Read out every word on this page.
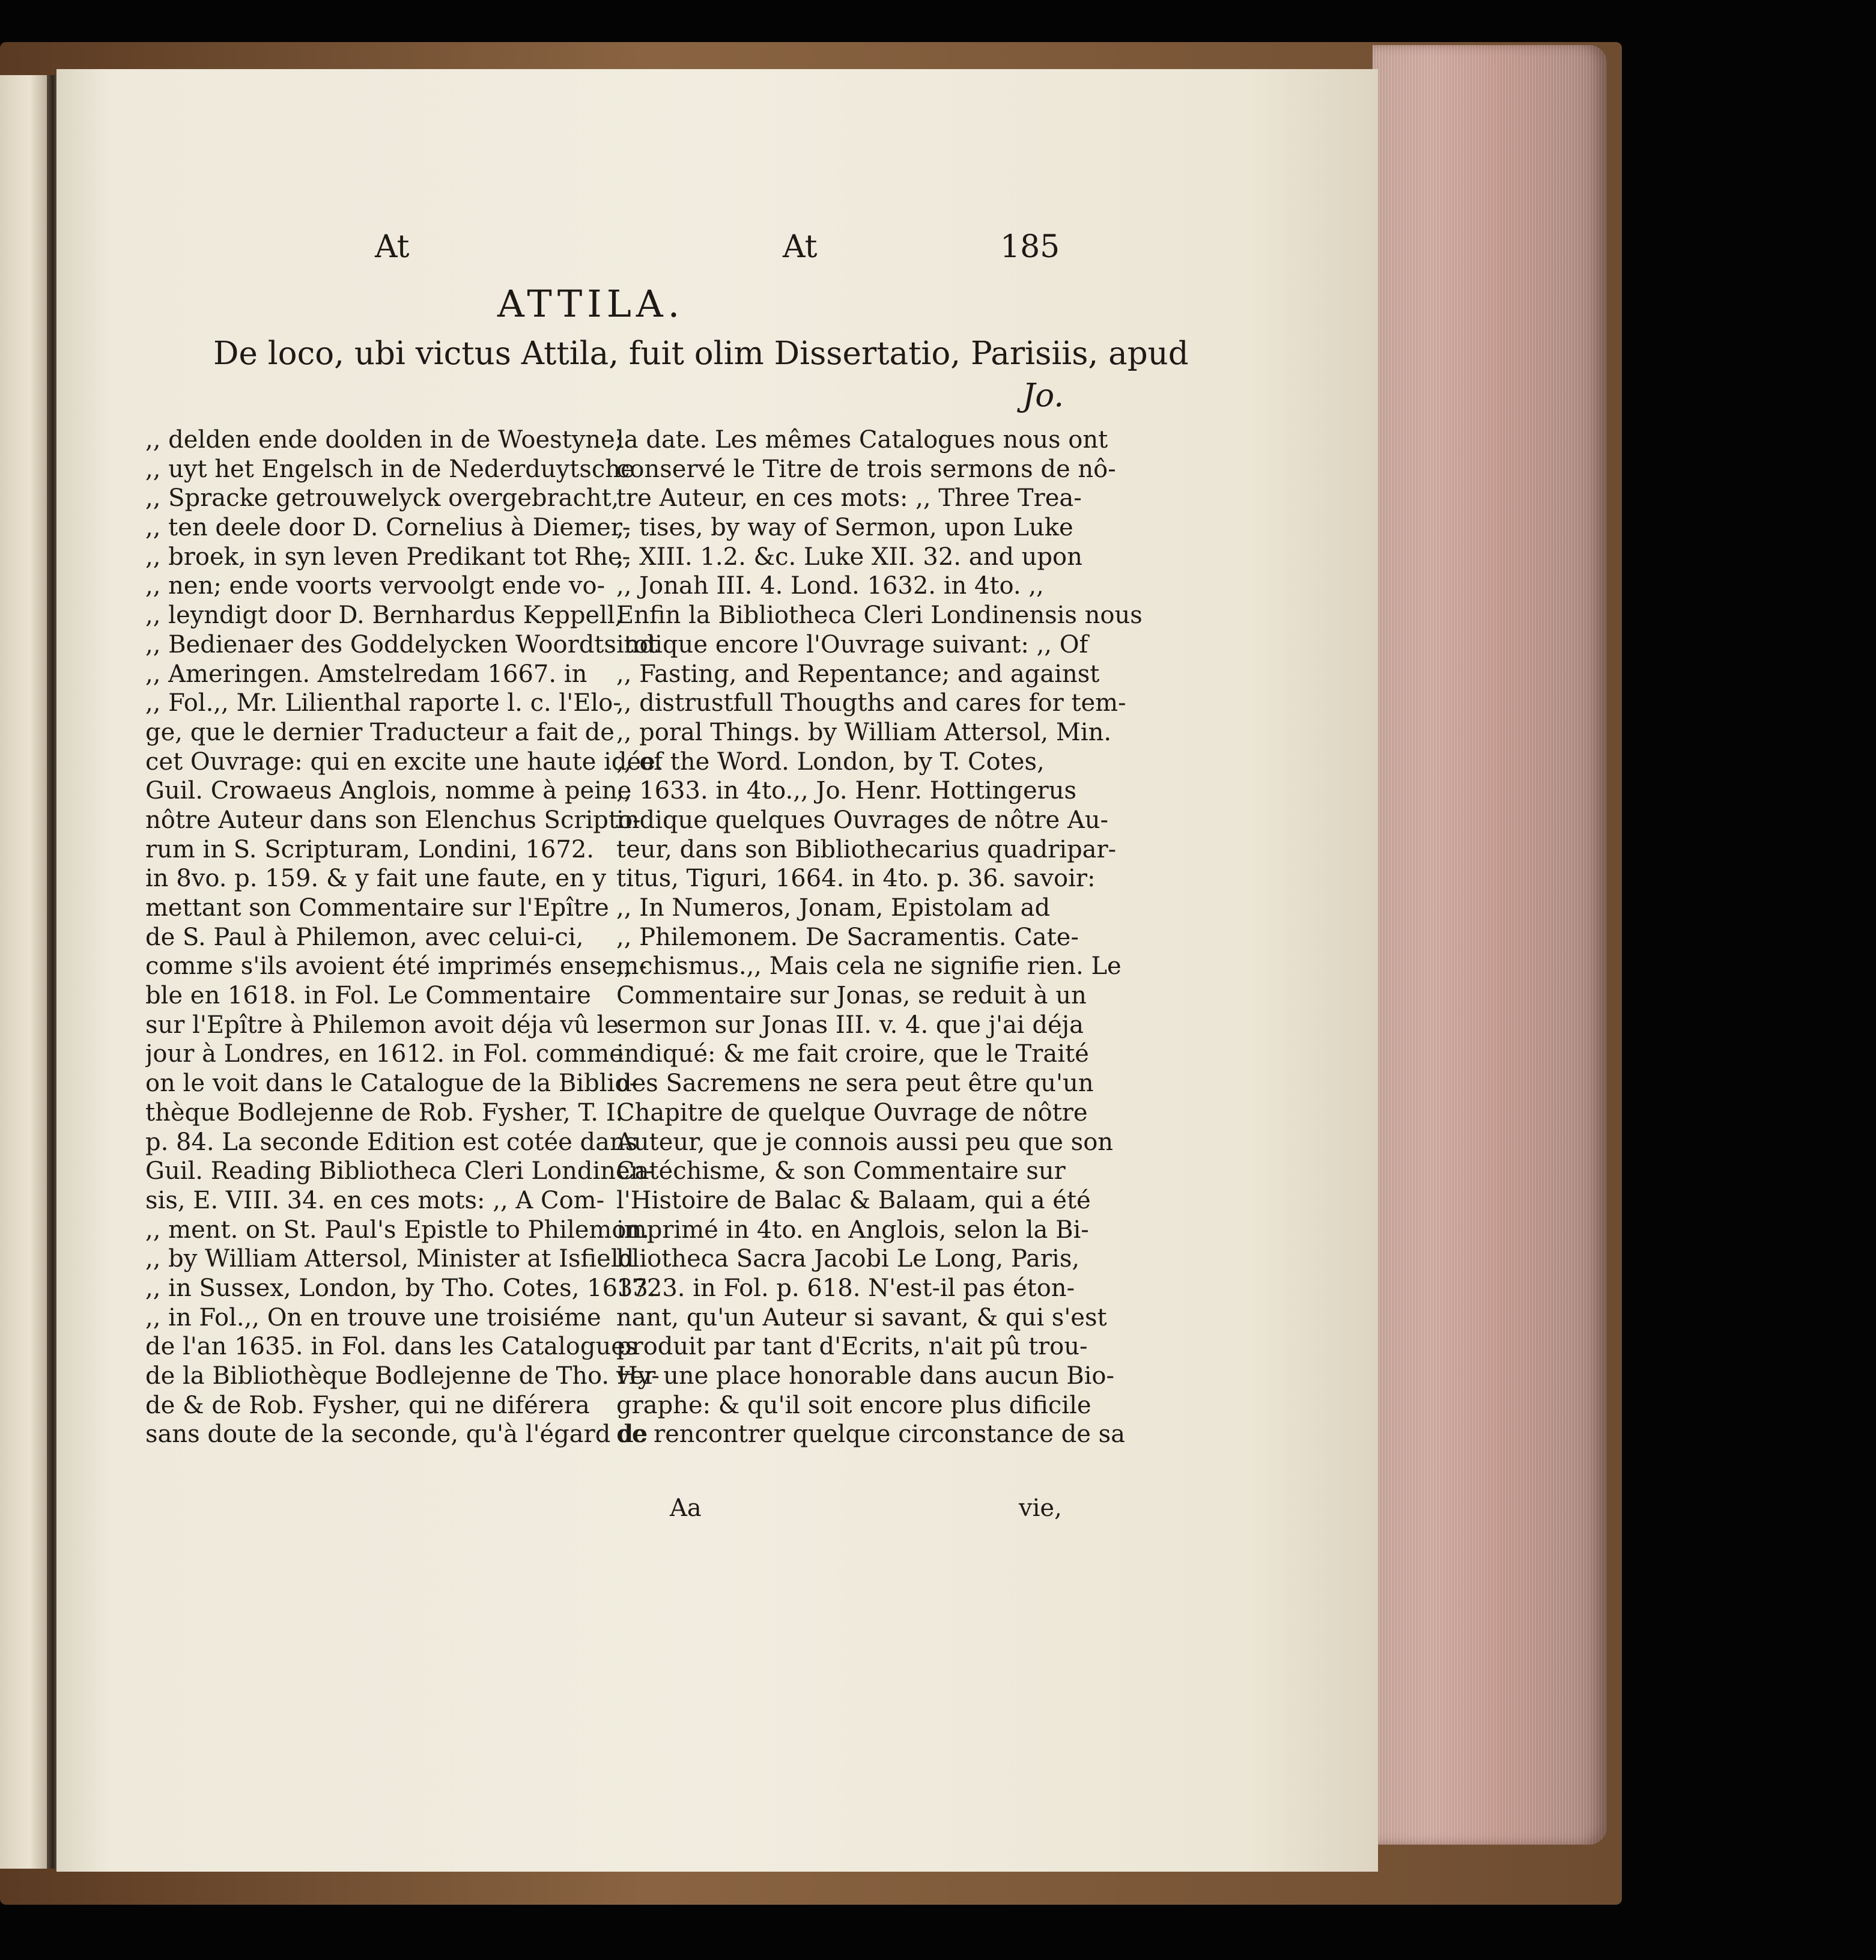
At	At	185
ATTILA.
De loco, ubi victus Attila, fuit olim Dissertatio, Parisiis, apud
Jo.
,, delden ende doolden in de Woestyne;
,, uyt het Engelsch in de Nederduytsche
,, Spracke getrouwelyck overgebracht,
,, ten deele door D. Cornelius à Diemer-
,, broek, in syn leven Predikant tot Rhe-
,, nen; ende voorts vervoolgt ende vo-
,, leyndigt door D. Bernhardus Keppell,
,, Bedienaer des Goddelycken Woordts tot
,, Ameringen. Amstelredam 1667. in
,, Fol.,, Mr. Lilienthal raporte l. c. l'Elo-
ge, que le dernier Traducteur a fait de
cet Ouvrage: qui en excite une haute idée.
Guil. Crowaeus Anglois, nomme à peine
nôtre Auteur dans son Elenchus Scripto-
rum in S. Scripturam, Londini, 1672.
in 8vo. p. 159. & y fait une faute, en y
mettant son Commentaire sur l'Epître
de S. Paul à Philemon, avec celui-ci,
comme s'ils avoient été imprimés ensem-
ble en 1618. in Fol. Le Commentaire
sur l'Epître à Philemon avoit déja vû le
jour à Londres, en 1612. in Fol. comme
on le voit dans le Catalogue de la Biblio-
thèque Bodlejenne de Rob. Fysher, T. I.
p. 84. La seconde Edition est cotée dans
Guil. Reading Bibliotheca Cleri Londinen-
sis, E. VIII. 34. en ces mots: ,, A Com-
,, ment. on St. Paul's Epistle to Philemon.
,, by William Attersol, Minister at Isfield
,, in Sussex, London, by Tho. Cotes, 1633.
,, in Fol.,, On en trouve une troisiéme
de l'an 1635. in Fol. dans les Catalogues
de la Bibliothèque Bodlejenne de Tho. Hy-
de & de Rob. Fysher, qui ne diférera
sans doute de la seconde, qu'à l'égard de
la date. Les mêmes Catalogues nous ont
conservé le Titre de trois sermons de nô-
tre Auteur, en ces mots: ,, Three Trea-
,, tises, by way of Sermon, upon Luke
,, XIII. 1.2. &c. Luke XII. 32. and upon
,, Jonah III. 4. Lond. 1632. in 4to. ,,
Enfin la Bibliotheca Cleri Londinensis nous
indique encore l'Ouvrage suivant: ,, Of
,, Fasting, and Repentance; and against
,, distrustfull Thougths and cares for tem-
,, poral Things. by William Attersol, Min.
,, of the Word. London, by T. Cotes,
,, 1633. in 4to.,, Jo. Henr. Hottingerus
indique quelques Ouvrages de nôtre Au-
teur, dans son Bibliothecarius quadripar-
titus, Tiguri, 1664. in 4to. p. 36. savoir:
,, In Numeros, Jonam, Epistolam ad
,, Philemonem. De Sacramentis. Cate-
,, chismus.,, Mais cela ne signifie rien. Le
Commentaire sur Jonas, se reduit à un
sermon sur Jonas III. v. 4. que j'ai déja
indiqué: & me fait croire, que le Traité
des Sacremens ne sera peut être qu'un
Chapitre de quelque Ouvrage de nôtre
Auteur, que je connois aussi peu que son
Catéchisme, & son Commentaire sur
l'Histoire de Balac & Balaam, qui a été
imprimé in 4to. en Anglois, selon la Bi-
bliotheca Sacra Jacobi Le Long, Paris,
1723. in Fol. p. 618. N'est-il pas éton-
nant, qu'un Auteur si savant, & qui s'est
produit par tant d'Ecrits, n'ait pû trou-
ver une place honorable dans aucun Bio-
graphe: & qu'il soit encore plus dificile
de rencontrer quelque circonstance de sa
Aa	vie,
